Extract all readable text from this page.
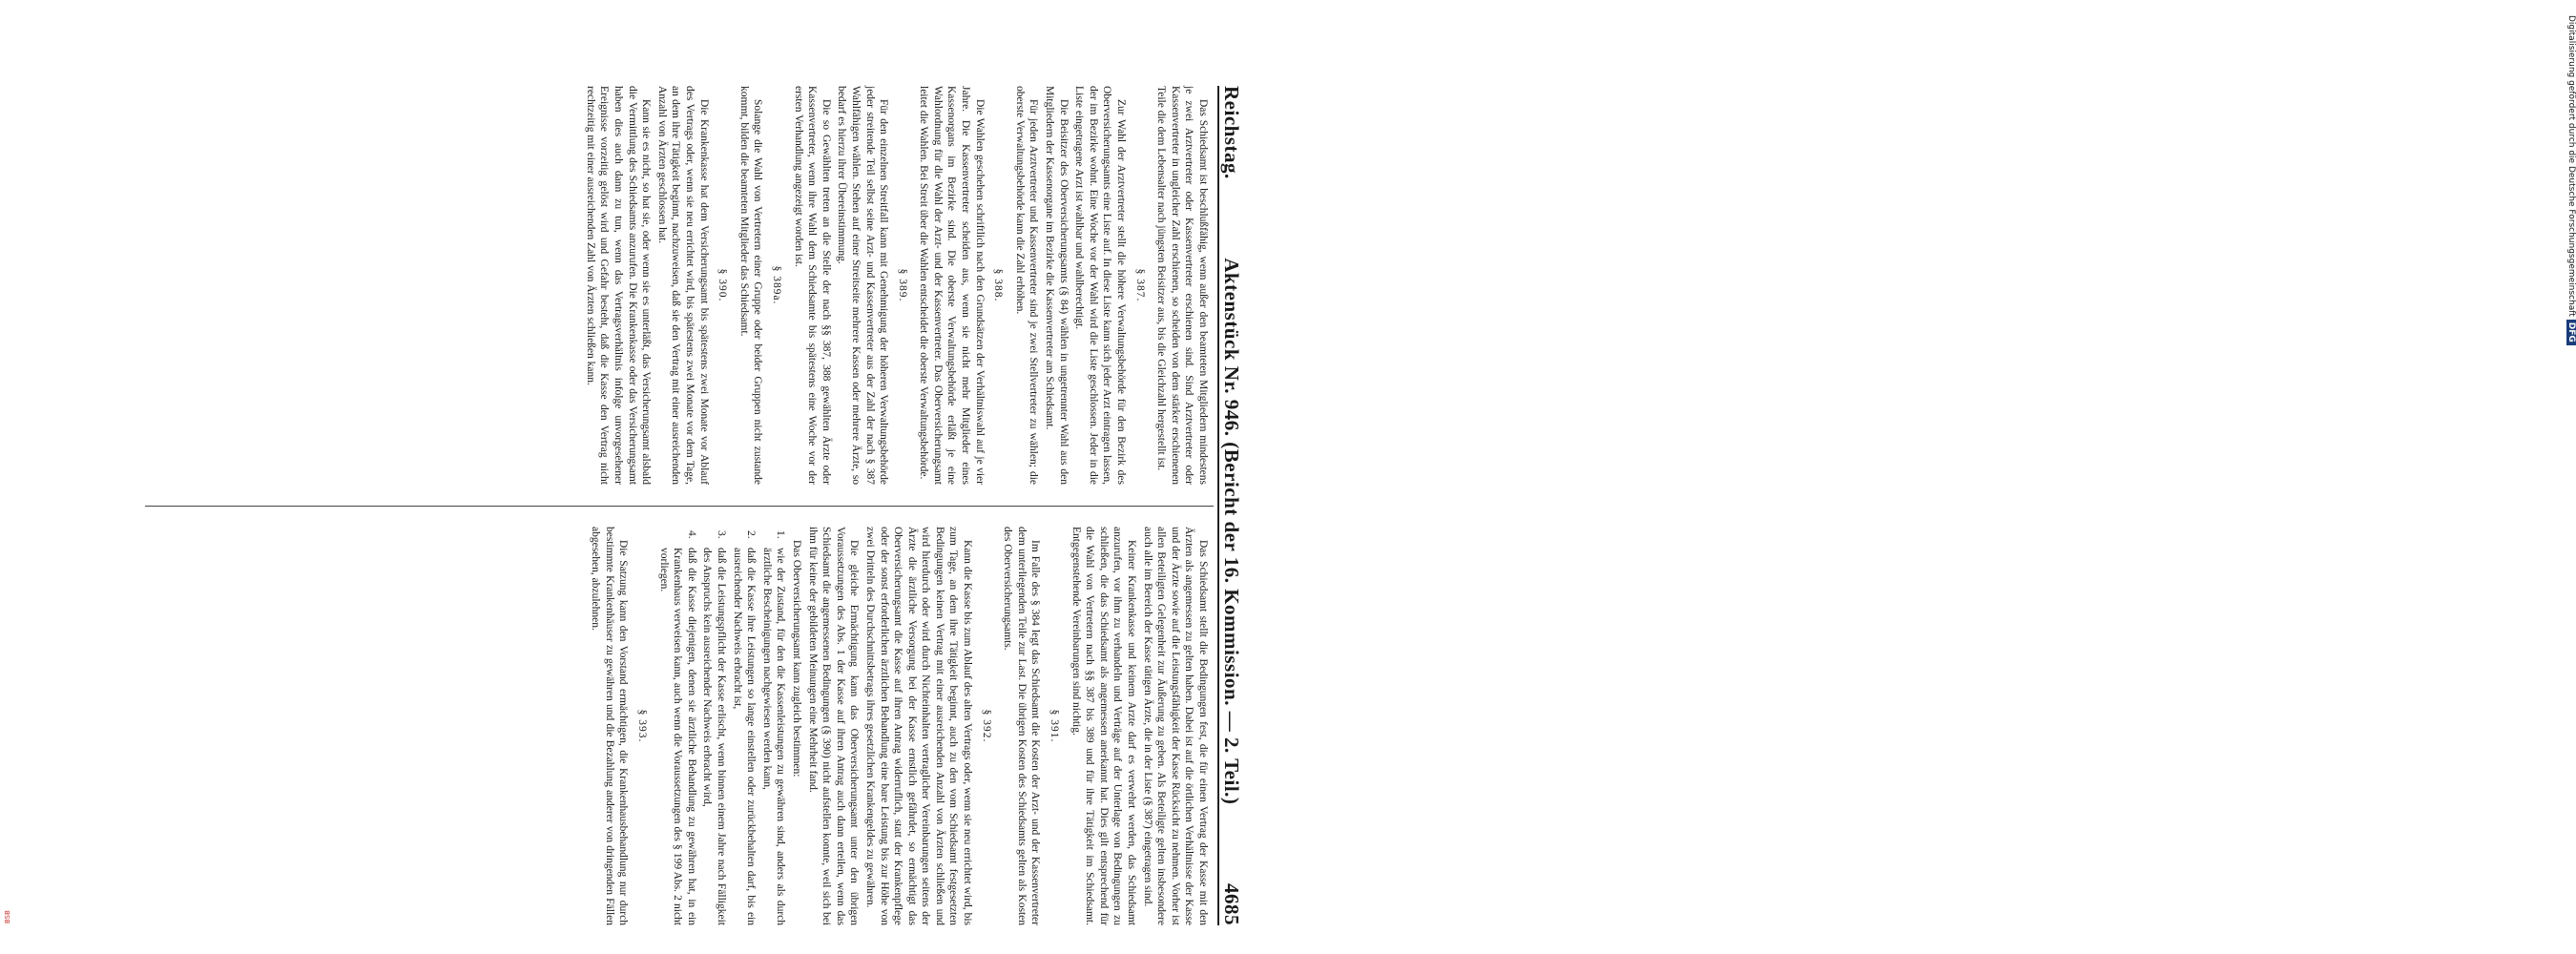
Digitalisierung gefördert durch die Deutsche ForschungsgemeinschaftDFG
BSB
Reichstag.
Aktenstück Nr. 946. (Bericht der 16. Kommission. — 2. Teil.)
4685

Das Schiedsamt ist beschlußfähig, wenn außer den beamteten Mitgliedern mindestens je zwei Arztvertreter oder Kassenvertreter erschienen sind. Sind Arztvertreter oder Kassenvertreter in ungleicher Zahl erschienen, so scheiden von dem stärker erschienenen Teile die dem Lebensalter nach jüngsten Beisitzer aus, bis die Gleichzahl hergestellt ist.

§ 387.

Zur Wahl der Arztvertreter stellt die höhere Verwaltungsbehörde für den Bezirk des Oberversicherungsamts eine Liste auf. In diese Liste kann sich jeder Arzt eintragen lassen, der im Bezirke wohnt. Eine Woche vor der Wahl wird die Liste geschlossen. Jeder in die Liste eingetragene Arzt ist wahlbar und wahlberechtigt.

Die Beisitzer des Oberversicherungsamts (§ 84) wählen in ungetrennter Wahl aus den Mitgliedern der Kassenorgane im Bezirke die Kassenvertreter am Schiedsamt.

Für jeden Arztvertreter und Kassenvertreter sind je zwei Stellvertreter zu wählen; die oberste Verwaltungsbehörde kann die Zahl erhöhen.

§ 388.

Die Wahlen geschehen schriftlich nach den Grundsätzen der Verhältniswahl auf je vier Jahre. Die Kassenvertreter scheiden aus, wenn sie nicht mehr Mitglieder eines Kassenorgans im Bezirke sind. Die oberste Verwaltungsbehörde erläßt je eine Wahlordnung für die Wahl der Arzt- und der Kassenvertreter. Das Oberversicherungsamt leitet die Wahlen. Bei Streit über die Wahlen entscheidet die oberste Verwaltungsbehörde.

§ 389.

Für den einzelnen Streitfall kann mit Genehmigung der höheren Verwaltungsbehörde jeder streitende Teil selbst seine Arzt- und Kassenvertreter aus der Zahl der nach § 387 Wahlfähigen wählen. Stehen auf einer Streitseite mehrere Kassen oder mehrere Ärzte, so bedarf es hierzu ihrer Übereinstimmung.

Die so Gewählten treten an die Stelle der nach §§ 387, 388 gewählten Ärzte oder Kassenvertreter, wenn ihre Wahl dem Schiedsamte bis spätestens eine Woche vor der ersten Verhandlung angezeigt worden ist.

§ 389a.

Solange die Wahl von Vertretern einer Gruppe oder beider Gruppen nicht zustande kommt, bilden die beamteten Mitglieder das Schiedsamt.

§ 390.

Die Krankenkasse hat dem Versicherungsamt bis spätestens zwei Monate vor Ablauf des Vertrags oder, wenn sie neu errichtet wird, bis spätestens zwei Monate vor dem Tage, an dem ihre Tätigkeit beginnt, nachzuweisen, daß sie den Vertrag mit einer ausreichenden Anzahl von Ärzten geschlossen hat.

Kann sie es nicht, so hat sie, oder wenn sie es unterläßt, das Versicherungsamt alsbald die Vermittlung des Schiedsamts anzurufen. Die Krankenkasse oder das Versicherungsamt haben dies auch dann zu tun, wenn das Vertragsverhältnis infolge unvorgesehener Ereignisse vorzeitig gelöst wird und Gefahr besteht, daß die Kasse den Vertrag nicht rechtzeitig mit einer ausreichenden Zahl von Ärzten schließen kann.

Das Schiedsamt stellt die Bedingungen fest, die für einen Vertrag der Kasse mit den Ärzten als angemessen zu gelten haben. Dabei ist auf die örtlichen Verhältnisse der Kasse und der Ärzte sowie auf die Leistungsfähigkeit der Kasse Rücksicht zu nehmen. Vorher ist allen Beteiligten Gelegenheit zur Äußerung zu geben. Als Beteiligte gelten insbesondere auch alle im Bereich der Kasse tätigen Ärzte, die in der Liste (§ 387) eingetragen sind.

Keiner Krankenkasse und keinem Arzte darf es verwehrt werden, das Schiedsamt anzurufen, vor ihm zu verhandeln und Verträge auf der Unterlage von Bedingungen zu schließen, die das Schiedsamt als angemessen anerkannt hat. Dies gilt entsprechend für die Wahl von Vertretern nach §§ 387 bis 389 und für ihre Tätigkeit im Schiedsamt. Entgegenstehende Vereinbarungen sind nichtig.

§ 391.

Im Falle des § 384 legt das Schiedsamt die Kosten der Arzt- und der Kassenvertreter dem unterliegenden Teile zur Last. Die übrigen Kosten des Schiedsamts gelten als Kosten des Oberversicherungsamts.

§ 392.

Kann die Kasse bis zum Ablauf des alten Vertrags oder, wenn sie neu errichtet wird, bis zum Tage, an dem ihre Tätigkeit beginnt, auch zu den vom Schiedsamt festgesetzten Bedingungen keinen Vertrag mit einer ausreichenden Anzahl von Ärzten schließen und wird hierdurch oder wird durch Nichteinhalten vertraglicher Vereinbarungen seitens der Ärzte die ärztliche Versorgung bei der Kasse ernstlich gefährdet, so ermächtigt das Oberversicherungsamt die Kasse auf ihren Antrag widerruflich, statt der Krankenpflege oder der sonst erforderlichen ärztlichen Behandlung eine bare Leistung bis zur Höhe von zwei Dritteln des Durchschnittsbetrags ihres gesetzlichen Krankengeldes zu gewähren.

Die gleiche Ermächtigung kann das Oberversicherungsamt unter den übrigen Voraussetzungen des Abs. 1 der Kasse auf ihren Antrag auch dann erteilen, wenn das Schiedsamt die angemessenen Bedingungen (§ 390) nicht aufstellen konnte, weil sich bei ihm für keine der gebildeten Meinungen eine Mehrheit fand.

Das Oberversicherungsamt kann zugleich bestimmen:

1.wie der Zustand, für den die Kassenleistungen zu gewähren sind, anders als durch ärztliche Bescheinigungen nachgewiesen werden kann,
2.daß die Kasse ihre Leistungen so lange einstellen oder zurückbehalten darf, bis ein ausreichender Nachweis erbracht ist,
3.daß die Leistungspflicht der Kasse erlischt, wenn binnen einem Jahre nach Fälligkeit des Anspruchs kein ausreichender Nachweis erbracht wird,
4.daß die Kasse diejenigen, denen sie ärztliche Behandlung zu gewähren hat, in ein Krankenhaus verweisen kann, auch wenn die Voraussetzungen des § 199 Abs. 2 nicht vorliegen.
§ 393.

Die Satzung kann den Vorstand ermächtigen, die Krankenhausbehandlung nur durch bestimmte Krankenhäuser zu gewähren und die Bezahlung anderer von dringenden Fällen abgesehen, abzulehnen.
